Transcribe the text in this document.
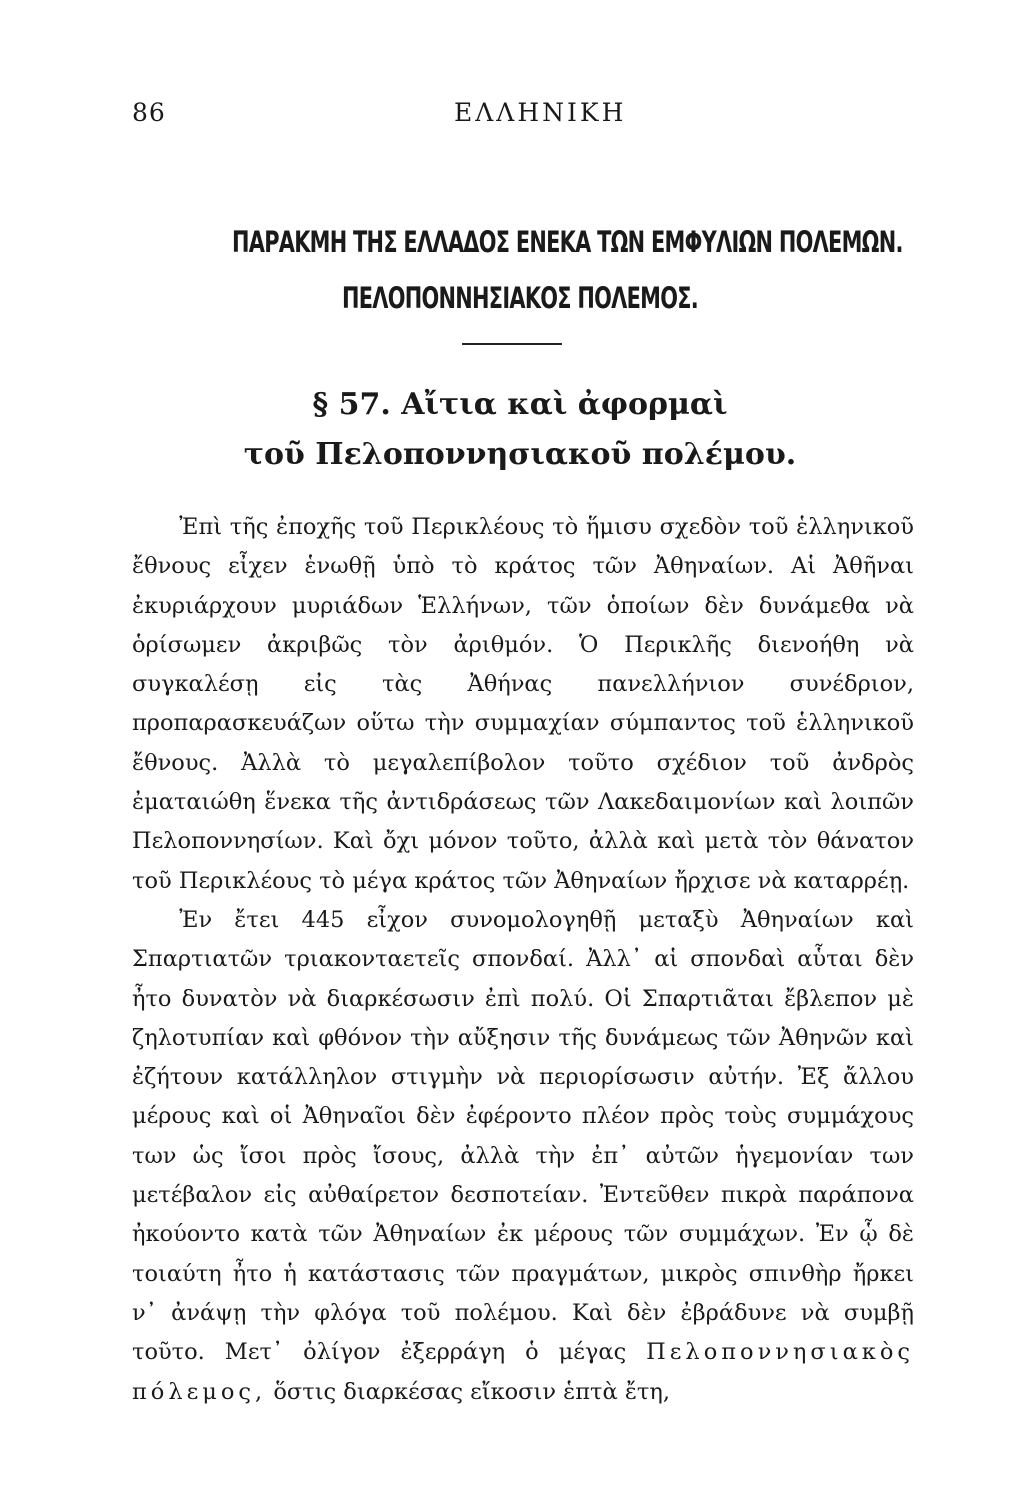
86	ΕΛΛΗΝΙΚΗ
ΠΑΡΑΚΜΗ ΤΗΣ ΕΛΛΑΔΟΣ ΕΝΕΚΑ ΤΩΝ ΕΜΦΥΛΙΩΝ ΠΟΛΕΜΩΝ.
ΠΕΛΟΠΟΝΝΗΣΙΑΚΟΣ ΠΟΛΕΜΟΣ.
§ 57. Αἴτια καὶ ἀφορμαὶ
τοῦ Πελοποννησιακοῦ πολέμου.

Ἐπὶ τῆς ἐποχῆς τοῦ Περικλέους τὸ ἥμισυ σχεδὸν τοῦ ἑλληνικοῦ ἔθνους εἶχεν ἑνωθῇ ὑπὸ τὸ κράτος τῶν Ἀθηναίων. Αἱ Ἀθῆναι ἐκυριάρχουν μυριάδων Ἑλλήνων, τῶν ὁποίων δὲν δυνάμεθα νὰ ὁρίσωμεν ἀκριβῶς τὸν ἀριθμόν. Ὁ Περικλῆς διενοήθη νὰ συγκαλέσῃ εἰς τὰς Ἀθήνας πανελλήνιον συνέδριον, προπαρασκευάζων οὕτω τὴν συμμαχίαν σύμπαντος τοῦ ἑλληνικοῦ ἔθνους. Ἀλλὰ τὸ μεγαλεπίβολον τοῦτο σχέδιον τοῦ ἀνδρὸς ἐματαιώθη ἕνεκα τῆς ἀντιδράσεως τῶν Λακεδαιμονίων καὶ λοιπῶν Πελοποννησίων. Καὶ ὄχι μόνον τοῦτο, ἀλλὰ καὶ μετὰ τὸν θάνατον τοῦ Περικλέους τὸ μέγα κράτος τῶν Ἀθηναίων ἤρχισε νὰ καταρρέῃ.

Ἐν ἔτει 445 εἶχον συνομολογηθῇ μεταξὺ Ἀθηναίων καὶ Σπαρτιατῶν τριακονταετεῖς σπονδαί. Ἀλλ᾽ αἱ σπονδαὶ αὗται δὲν ἦτο δυνατὸν νὰ διαρκέσωσιν ἐπὶ πολύ. Οἱ Σπαρτιᾶται ἔβλεπον μὲ ζηλοτυπίαν καὶ φθόνον τὴν αὔξησιν τῆς δυνάμεως τῶν Ἀθηνῶν καὶ ἐζήτουν κατάλληλον στιγμὴν νὰ περιορίσωσιν αὐτήν. Ἐξ ἄλλου μέρους καὶ οἱ Ἀθηναῖοι δὲν ἐφέροντο πλέον πρὸς τοὺς συμμάχους των ὡς ἴσοι πρὸς ἴσους, ἀλλὰ τὴν ἐπ᾽ αὐτῶν ἡγεμονίαν των μετέβαλον εἰς αὐθαίρετον δεσποτείαν. Ἐντεῦθεν πικρὰ παράπονα ἠκούοντο κατὰ τῶν Ἀθηναίων ἐκ μέρους τῶν συμμάχων. Ἐν ᾧ δὲ τοιαύτη ἦτο ἡ κατάστασις τῶν πραγμάτων, μικρὸς σπινθὴρ ἤρκει ν᾽ ἀνάψῃ τὴν φλόγα τοῦ πολέμου. Καὶ δὲν ἐβράδυνε νὰ συμβῇ τοῦτο. Μετ᾽ ὀλίγον ἐξερράγη ὁ μέγας Πελοποννησιακὸς πόλεμος, ὅστις διαρκέσας εἴκοσιν ἑπτὰ ἔτη,
